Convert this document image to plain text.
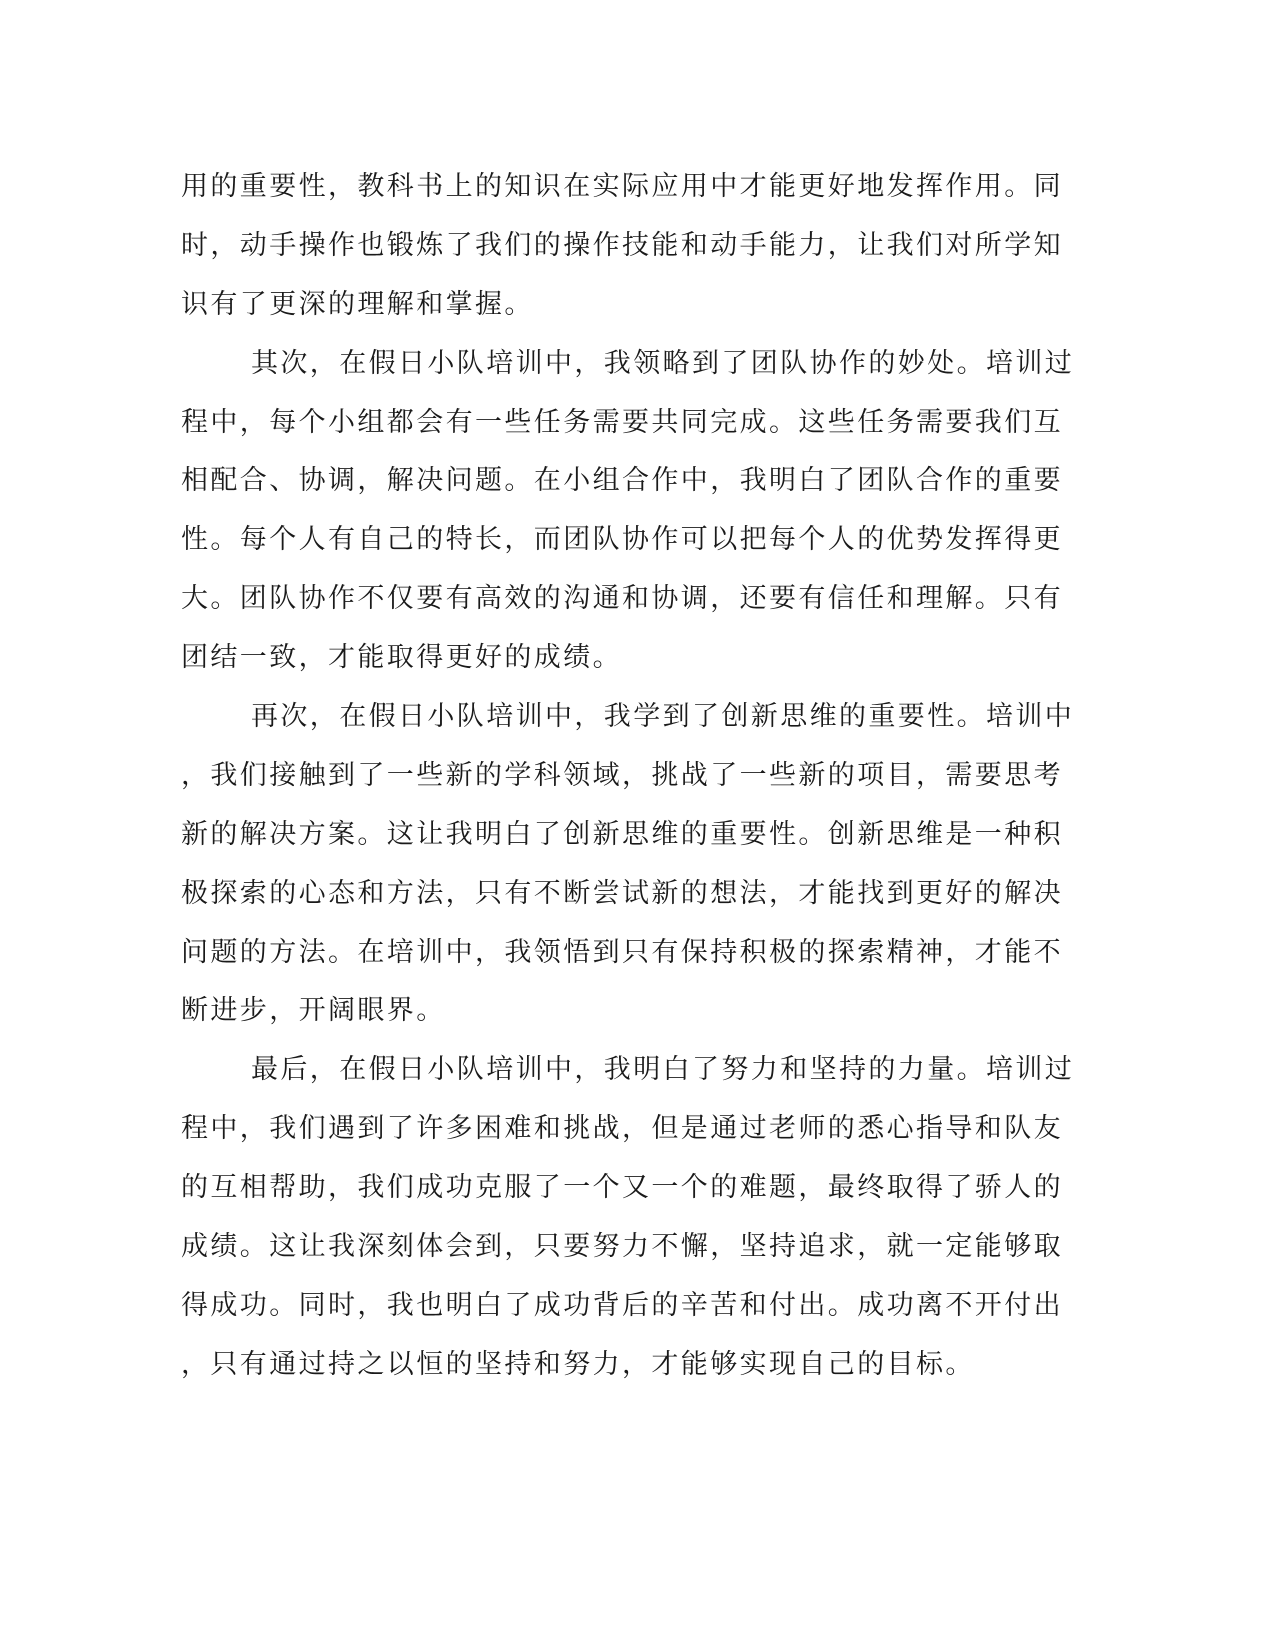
用的重要性，教科书上的知识在实际应用中才能更好地发挥作用。同
时，动手操作也锻炼了我们的操作技能和动手能力，让我们对所学知
识有了更深的理解和掌握。
其次，在假日小队培训中，我领略到了团队协作的妙处。培训过
程中，每个小组都会有一些任务需要共同完成。这些任务需要我们互
相配合、协调，解决问题。在小组合作中，我明白了团队合作的重要
性。每个人有自己的特长，而团队协作可以把每个人的优势发挥得更
大。团队协作不仅要有高效的沟通和协调，还要有信任和理解。只有
团结一致，才能取得更好的成绩。
再次，在假日小队培训中，我学到了创新思维的重要性。培训中
，我们接触到了一些新的学科领域，挑战了一些新的项目，需要思考
新的解决方案。这让我明白了创新思维的重要性。创新思维是一种积
极探索的心态和方法，只有不断尝试新的想法，才能找到更好的解决
问题的方法。在培训中，我领悟到只有保持积极的探索精神，才能不
断进步，开阔眼界。
最后，在假日小队培训中，我明白了努力和坚持的力量。培训过
程中，我们遇到了许多困难和挑战，但是通过老师的悉心指导和队友
的互相帮助，我们成功克服了一个又一个的难题，最终取得了骄人的
成绩。这让我深刻体会到，只要努力不懈，坚持追求，就一定能够取
得成功。同时，我也明白了成功背后的辛苦和付出。成功离不开付出
，只有通过持之以恒的坚持和努力，才能够实现自己的目标。
